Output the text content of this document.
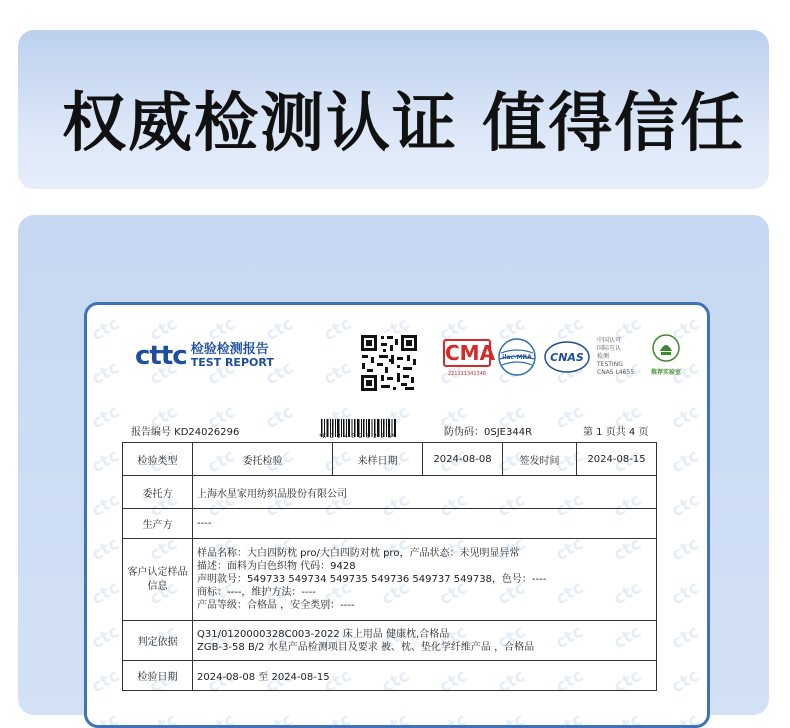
权威检测认证 值得信任
cttc 检验检测报告
TEST REPORT	CMA
221111341346
ilac-MRA CNAS
中国认可
国际互认
检测
TESTING
CNAS L4655	推荐实验室
报告编号 KD24026296	*K D 2 4 0 2 6 2 9 6*	防伪码：0SJE344R	第 1 页共 4 页
检验类型	委托检验	来样日期	2024-08-08	签发时间	2024-08-15
委托方	上海水星家用纺织品股份有限公司				
生产方	----				
客户认定样品信息	样品名称：大白四防枕 pro/大白四防对枕 pro，产品状态：未见明显异常
描述：面料为白色织物 代码：9428
声明款号：549733 549734 549735 549736 549737 549738，色号：----
商标：----，维护方法：----
产品等级：合格品 ，安全类别：----				

判定依据	Q31/0120000328C003-2022 床上用品 健康枕,合格品
ZGB-3-58 B/2 水星产品检测项目及要求 被、枕、垫化学纤维产品 ，合格品				

检验日期	2024-08-08 至 2024-08-15				
